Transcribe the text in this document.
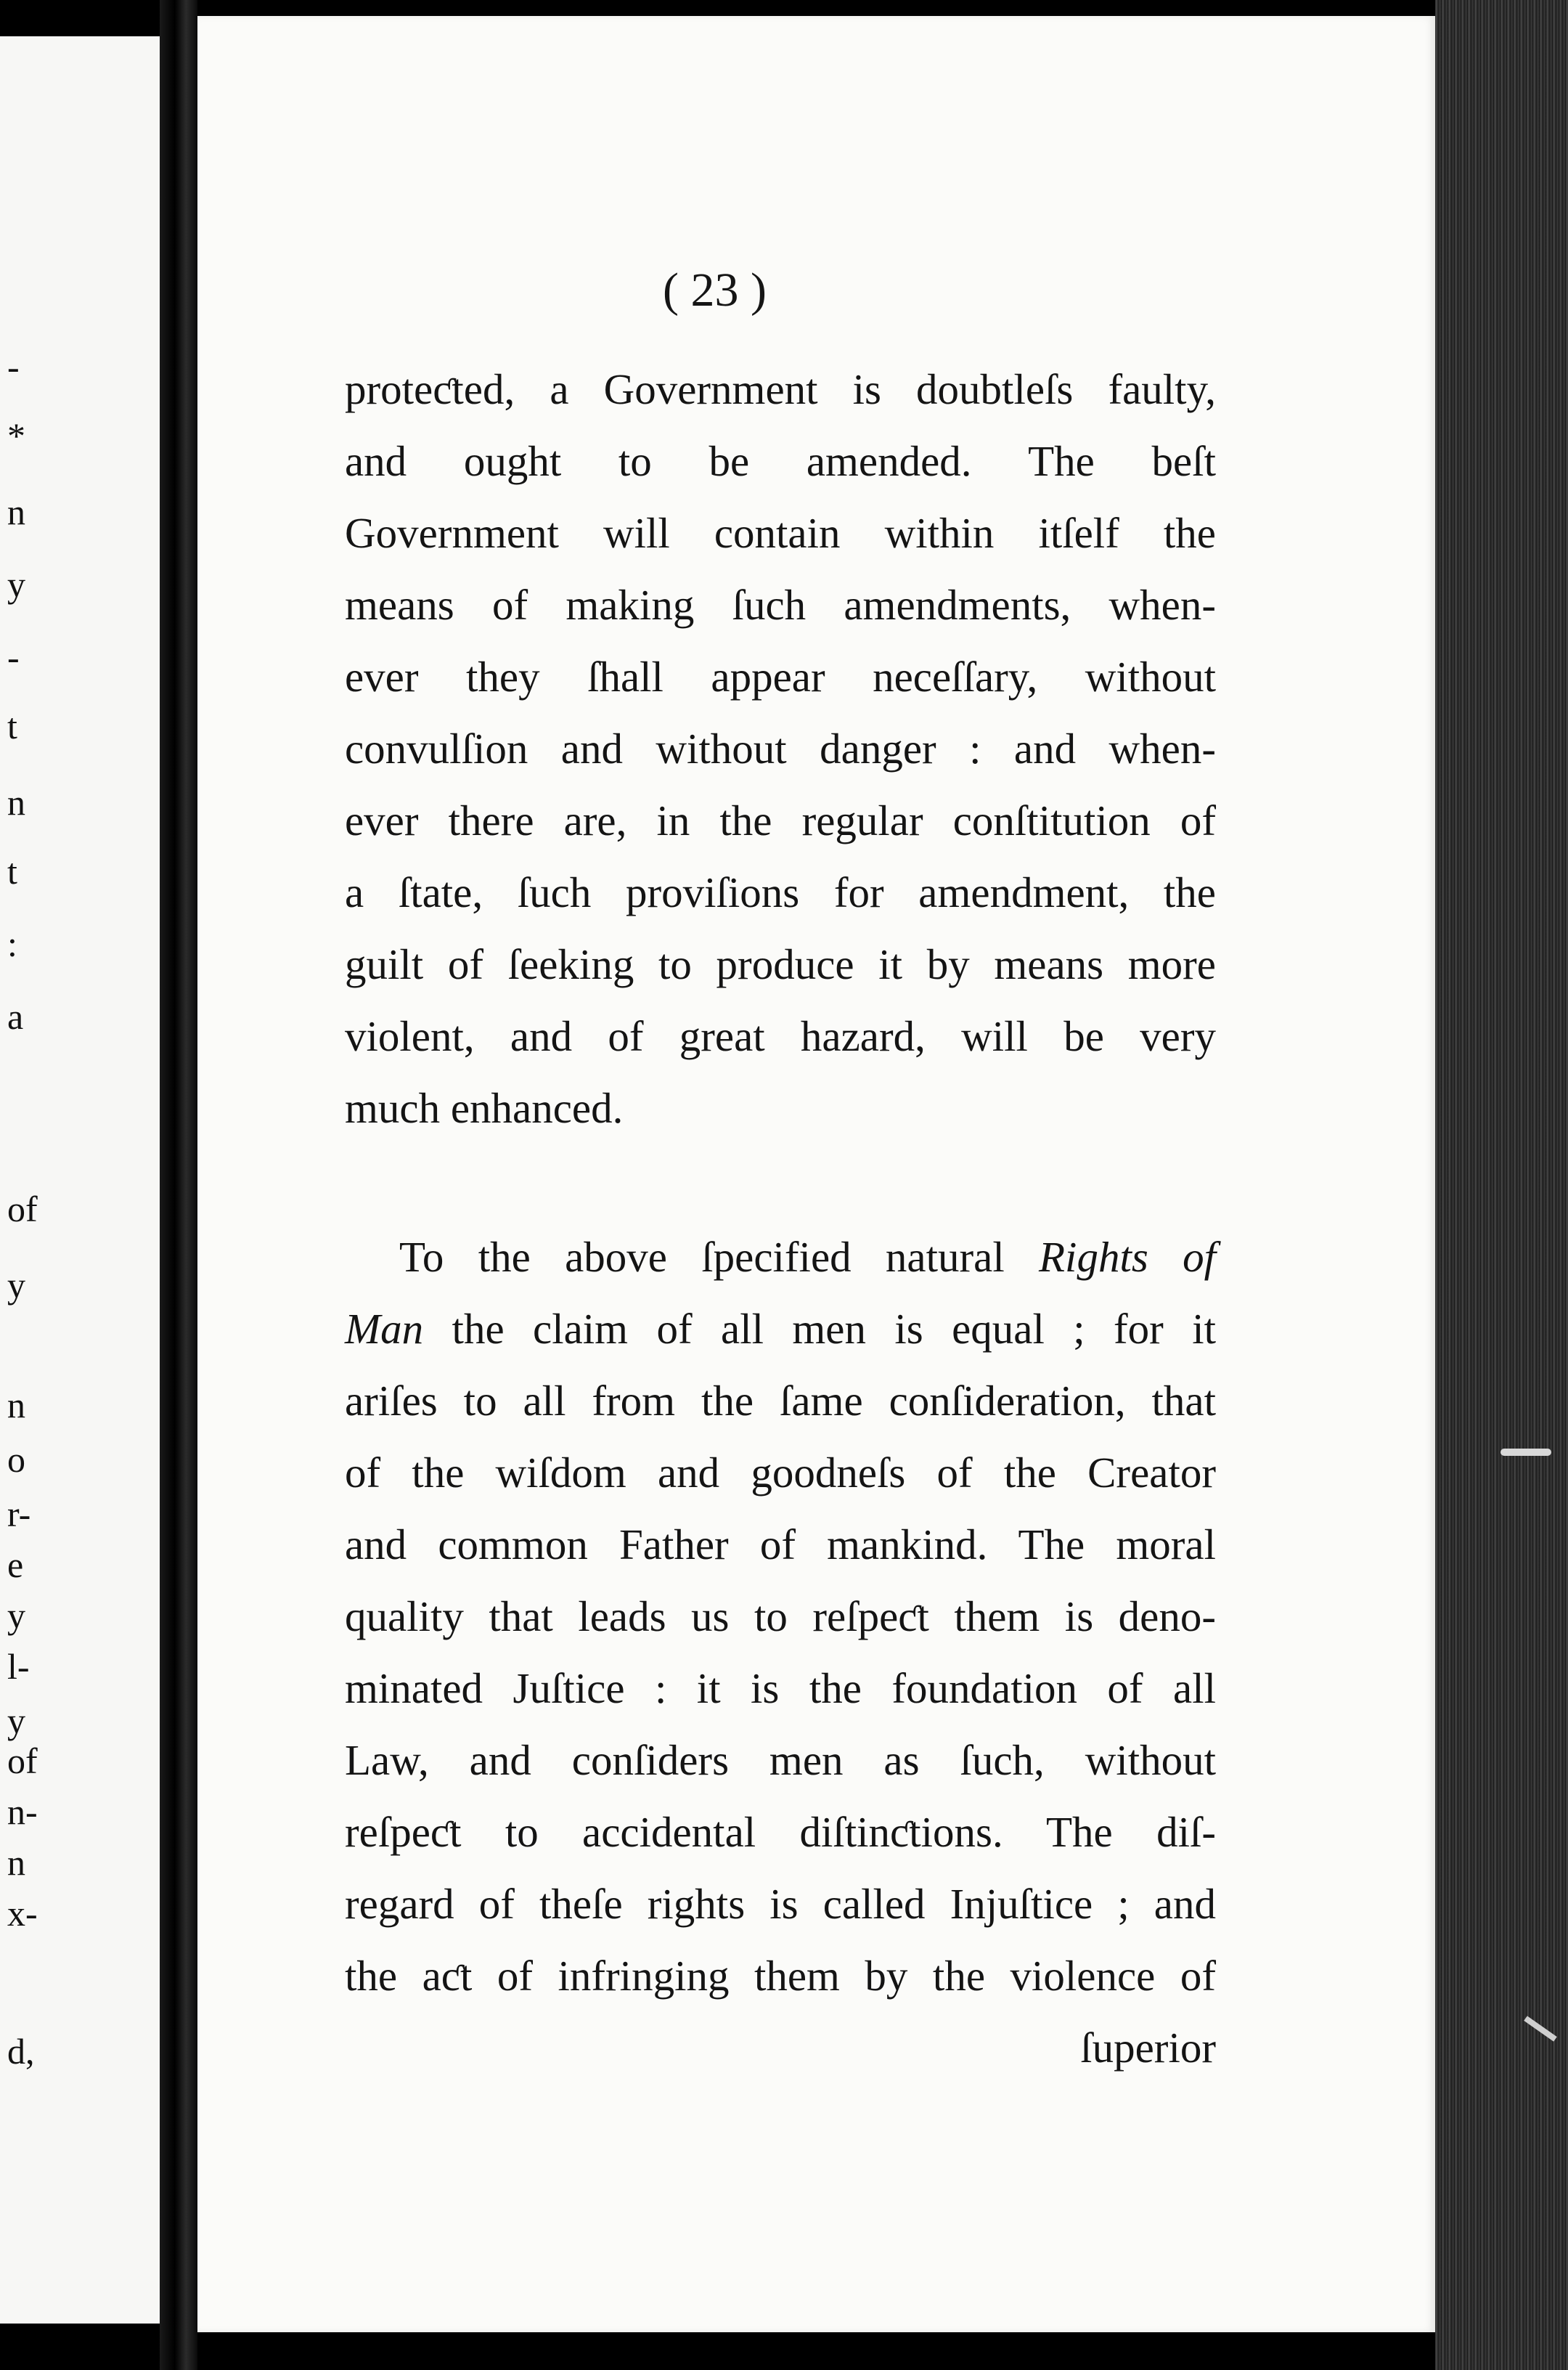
-
*
n
y
-
t
n
t
:
a
of
y
n
o
r-
e
y
l-
y
of
n-
n
x-
d,
( 23 )
proteƈted, a Government is doubtleſs faulty,
and ought to be amended. The beſt
Government will contain within itſelf the
means of making ſuch amendments, when-
ever they ſhall appear neceſſary, without
convulſion and without danger : and when-
ever there are, in the regular conſtitution of
a ſtate, ſuch proviſions for amendment, the
guilt of ſeeking to produce it by means more
violent, and of great hazard, will be very
much enhanced.
To the above ſpecified natural Rights of
Man the claim of all men is equal ; for it
ariſes to all from the ſame conſideration, that
of the wiſdom and goodneſs of the Creator
and common Father of mankind. The moral
quality that leads us to reſpeƈt them is deno-
minated Juſtice : it is the foundation of all
Law, and conſiders men as ſuch, without
reſpeƈt to accidental diſtinƈtions. The diſ-
regard of theſe rights is called Injuſtice ; and
the aƈt of infringing them by the violence of
ſuperior
